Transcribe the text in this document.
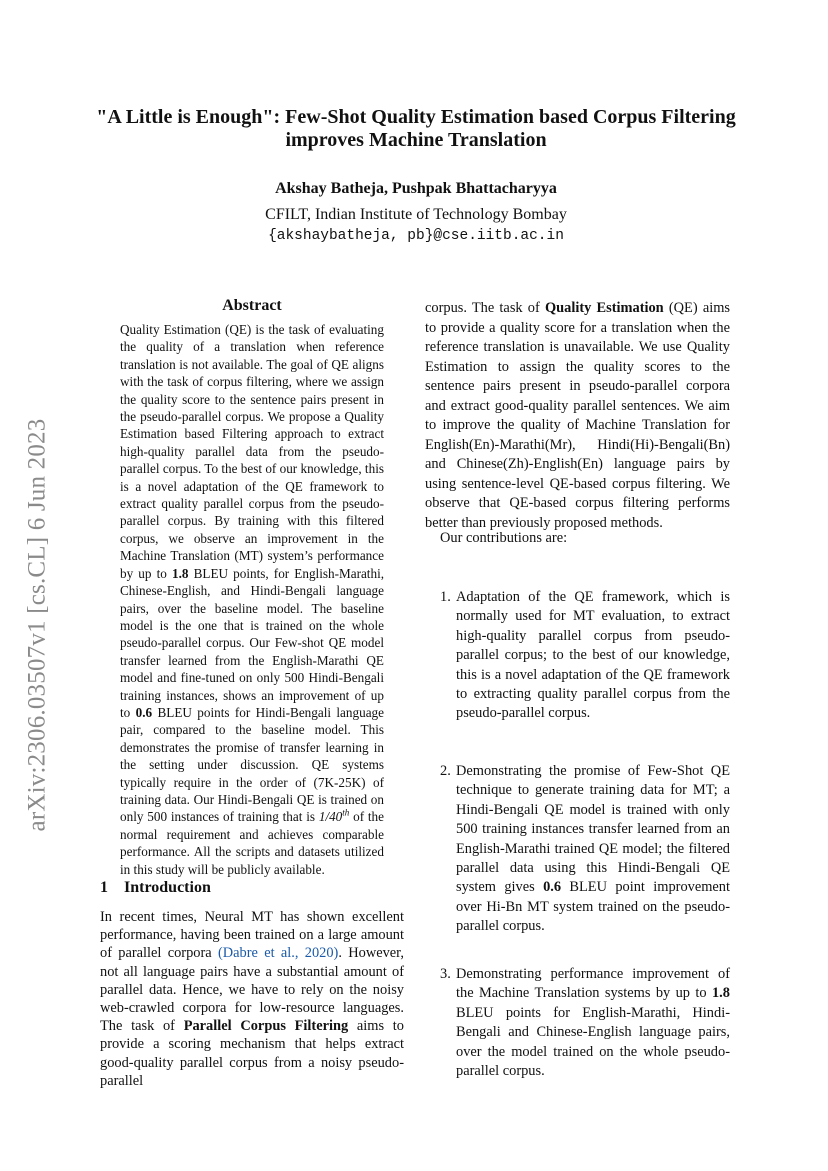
arXiv:2306.03507v1 [cs.CL] 6 Jun 2023
"A Little is Enough": Few-Shot Quality Estimation based Corpus Filtering
improves Machine Translation
Akshay Batheja, Pushpak Bhattacharyya
CFILT, Indian Institute of Technology Bombay
{akshaybatheja, pb}@cse.iitb.ac.in
Abstract
Quality Estimation (QE) is the task of evaluating the quality of a translation when reference translation is not available. The goal of QE aligns with the task of corpus filtering, where we assign the quality score to the sentence pairs present in the pseudo-parallel corpus. We propose a Quality Estimation based Filtering approach to extract high-quality parallel data from the pseudo-parallel corpus. To the best of our knowledge, this is a novel adaptation of the QE framework to extract quality parallel corpus from the pseudo-parallel corpus. By training with this filtered corpus, we observe an improvement in the Machine Translation (MT) system’s performance by up to 1.8 BLEU points, for English-Marathi, Chinese-English, and Hindi-Bengali language pairs, over the baseline model. The baseline model is the one that is trained on the whole pseudo-parallel corpus. Our Few-shot QE model transfer learned from the English-Marathi QE model and fine-tuned on only 500 Hindi-Bengali training instances, shows an improvement of up to 0.6 BLEU points for Hindi-Bengali language pair, compared to the baseline model. This demonstrates the promise of transfer learning in the setting under discussion. QE systems typically require in the order of (7K-25K) of training data. Our Hindi-Bengali QE is trained on only 500 instances of training that is 1/40th of the normal requirement and achieves comparable performance. All the scripts and datasets utilized in this study will be publicly available.
1 Introduction
In recent times, Neural MT has shown excellent performance, having been trained on a large amount of parallel corpora (Dabre et al., 2020). However, not all language pairs have a substantial amount of parallel data. Hence, we have to rely on the noisy web-crawled corpora for low-resource languages. The task of Parallel Corpus Filtering aims to provide a scoring mechanism that helps extract good-quality parallel corpus from a noisy pseudo-parallel
corpus. The task of Quality Estimation (QE) aims to provide a quality score for a translation when the reference translation is unavailable. We use Quality Estimation to assign the quality scores to the sentence pairs present in pseudo-parallel corpora and extract good-quality parallel sentences. We aim to improve the quality of Machine Translation for English(En)-Marathi(Mr), Hindi(Hi)-Bengali(Bn) and Chinese(Zh)-English(En) language pairs by using sentence-level QE-based corpus filtering. We observe that QE-based corpus filtering performs better than previously proposed methods.
Our contributions are:
1. Adaptation of the QE framework, which is normally used for MT evaluation, to extract high-quality parallel corpus from pseudo-parallel corpus; to the best of our knowledge, this is a novel adaptation of the QE framework to extracting quality parallel corpus from the pseudo-parallel corpus.
2. Demonstrating the promise of Few-Shot QE technique to generate training data for MT; a Hindi-Bengali QE model is trained with only 500 training instances transfer learned from an English-Marathi trained QE model; the filtered parallel data using this Hindi-Bengali QE system gives 0.6 BLEU point improvement over Hi-Bn MT system trained on the pseudo-parallel corpus.
3. Demonstrating performance improvement of the Machine Translation systems by up to 1.8 BLEU points for English-Marathi, Hindi-Bengali and Chinese-English language pairs, over the model trained on the whole pseudo-parallel corpus.
